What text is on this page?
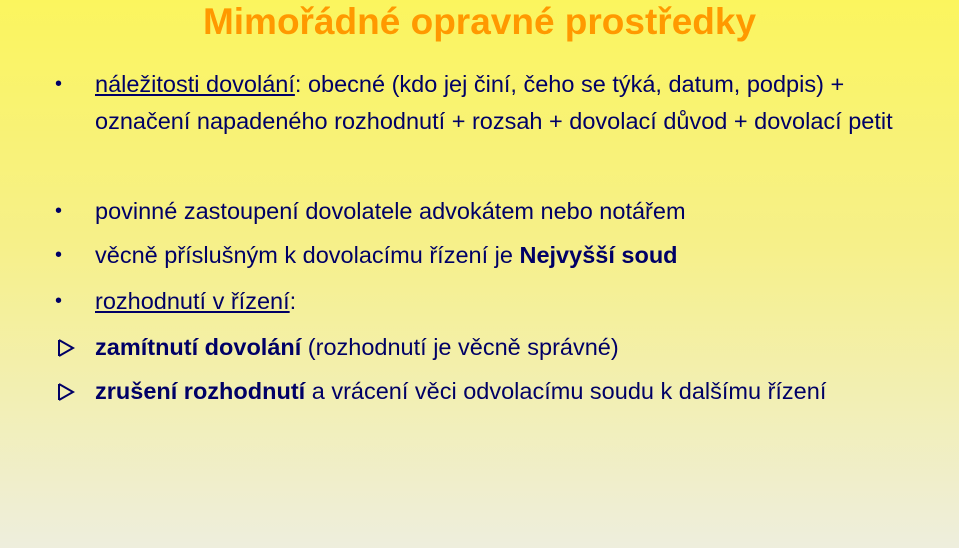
Mimořádné opravné prostředky
•	náležitosti dovolání: obecné (kdo jej činí, čeho se týká, datum, podpis) + označení napadeného rozhodnutí + rozsah + dovolací důvod + dovolací petit
•	povinné zastoupení dovolatele advokátem nebo notářem
•	věcně příslušným k dovolacímu řízení je Nejvyšší soud
•	rozhodnutí v řízení:
zamítnutí dovolání (rozhodnutí je věcně správné)
zrušení rozhodnutí a vrácení věci odvolacímu soudu k dalšímu řízení
